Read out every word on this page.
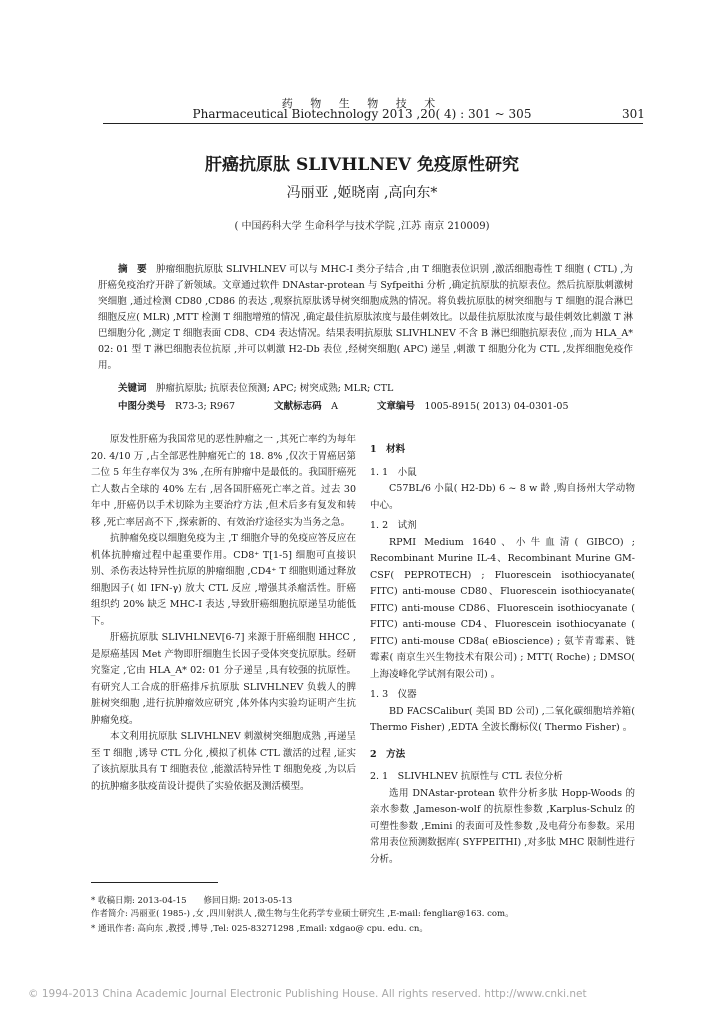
药 物 生 物 技 术
Pharmaceutical Biotechnology 2013 ,20( 4) : 301 ~ 305	301
肝癌抗原肽 SLIVHLNEV 免疫原性研究
冯丽亚 ,姬晓南 ,高向东*
( 中国药科大学 生命科学与技术学院 ,江苏 南京 210009)
摘　要　 肿瘤细胞抗原肽 SLIVHLNEV 可以与 MHC-I 类分子结合 ,由 T 细胞表位识别 ,激活细胞毒性 T 细胞 ( CTL) ,为肝癌免疫治疗开辟了新领域。文章通过软件 DNAstar-protean 与 Syfpeithi 分析 ,确定抗原肽的抗原表位。然后抗原肽刺激树突细胞 ,通过检测 CD80 ,CD86 的表达 ,观察抗原肽诱导树突细胞成熟的情况。将负载抗原肽的树突细胞与 T 细胞的混合淋巴细胞反应( MLR) ,MTT 检测 T 细胞增殖的情况 ,确定最佳抗原肽浓度与最佳刺效比。以最佳抗原肽浓度与最佳刺效比刺激 T 淋巴细胞分化 ,测定 T 细胞表面 CD8、CD4 表达情况。结果表明抗原肽 SLIVHLNEV 不含 B 淋巴细胞抗原表位 ,而为 HLA_A* 02: 01 型 T 淋巴细胞表位抗原 ,并可以刺激 H2-Db 表位 ,经树突细胞( APC) 递呈 ,刺激 T 细胞分化为 CTL ,发挥细胞免疫作用。
关键词　 肿瘤抗原肽; 抗原表位预测; APC; 树突成熟; MLR; CTL
中图分类号　 R73-3; R967	文献标志码　 A	文章编号　 1005-8915( 2013) 04-0301-05

原发性肝癌为我国常见的恶性肿瘤之一 ,其死亡率约为每年 20. 4/10 万 ,占全部恶性肿瘤死亡的 18. 8% ,仅次于胃癌居第二位 5 年生存率仅为 3% ,在所有肿瘤中是最低的。我国肝癌死亡人数占全球的 40% 左右 ,居各国肝癌死亡率之首。过去 30 年中 ,肝癌仍以手术切除为主要治疗方法 ,但术后多有复发和转移 ,死亡率居高不下 ,探索新的、有效治疗途径实为当务之急。

抗肿瘤免疫以细胞免疫为主 ,T 细胞介导的免疫应答反应在机体抗肿瘤过程中起重要作用。CD8⁺ T[1-5] 细胞可直接识别、杀伤表达特异性抗原的肿瘤细胞 ,CD4⁺ T 细胞则通过释放细胞因子( 如 IFN-γ) 放大 CTL 反应 ,增强其杀瘤活性。肝癌组织约 20% 缺乏 MHC-I 表达 ,导致肝癌细胞抗原递呈功能低下。

肝癌抗原肽 SLIVHLNEV[6-7] 来源于肝癌细胞 HHCC ,是原癌基因 Met 产物即肝细胞生长因子受体突变抗原肽。经研究鉴定 ,它由 HLA_A* 02: 01 分子递呈 ,具有较强的抗原性。有研究人工合成的肝癌排斥抗原肽 SLIVHLNEV 负载人的脾脏树突细胞 ,进行抗肿瘤效应研究 ,体外体内实验均证明产生抗肿瘤免疫。

本文利用抗原肽 SLIVHLNEV 刺激树突细胞成熟 ,再递呈至 T 细胞 ,诱导 CTL 分化 ,模拟了机体 CTL 激活的过程 ,证实了该抗原肽具有 T 细胞表位 ,能激活特异性 T 细胞免疫 ,为以后的抗肿瘤多肽疫苗设计提供了实验依据及测活模型。

1　材料

1. 1　小鼠

C57BL/6 小鼠( H2-Db) 6 ~ 8 w 龄 ,购自扬州大学动物中心。

1. 2　试剂

RPMI Medium 1640、小牛血清( GIBCO) ; Recombinant Murine IL-4、Recombinant Murine GM-CSF( PEPROTECH) ; Fluorescein isothiocyanate( FITC) anti-mouse CD80、Fluorescein isothiocyanate( FITC) anti-mouse CD86、Fluorescein isothiocyanate ( FITC) anti-mouse CD4、Fluorescein isothiocyanate ( FITC) anti-mouse CD8a( eBioscience) ; 氨苄青霉素、链霉素( 南京生兴生物技术有限公司) ; MTT( Roche) ; DMSO( 上海凌峰化学试剂有限公司) 。

1. 3　仪器

BD FACSCalibur( 美国 BD 公司) ,二氧化碳细胞培养箱( Thermo Fisher) ,EDTA 全波长酶标仪( Thermo Fisher) 。

2　方法

2. 1　SLIVHLNEV 抗原性与 CTL 表位分析

选用 DNAstar-protean 软件分析多肽 Hopp-Woods 的亲水参数 ,Jameson-wolf 的抗原性参数 ,Karplus-Schulz 的可塑性参数 ,Emini 的表面可及性参数 ,及电荷分布参数。采用常用表位预测数据库( SYFPEITHI) ,对多肽 MHC 限制性进行分析。

* 收稿日期: 2013-04-15　　修回日期: 2013-05-13
作者简介: 冯丽亚( 1985-) ,女 ,四川射洪人 ,微生物与生化药学专业硕士研究生 ,E-mail: fengliar@163. com。
* 通讯作者: 高向东 ,教授 ,博导 ,Tel: 025-83271298 ,Email: xdgao@ cpu. edu. cn。
© 1994-2013 China Academic Journal Electronic Publishing House. All rights reserved. http://www.cnki.net
